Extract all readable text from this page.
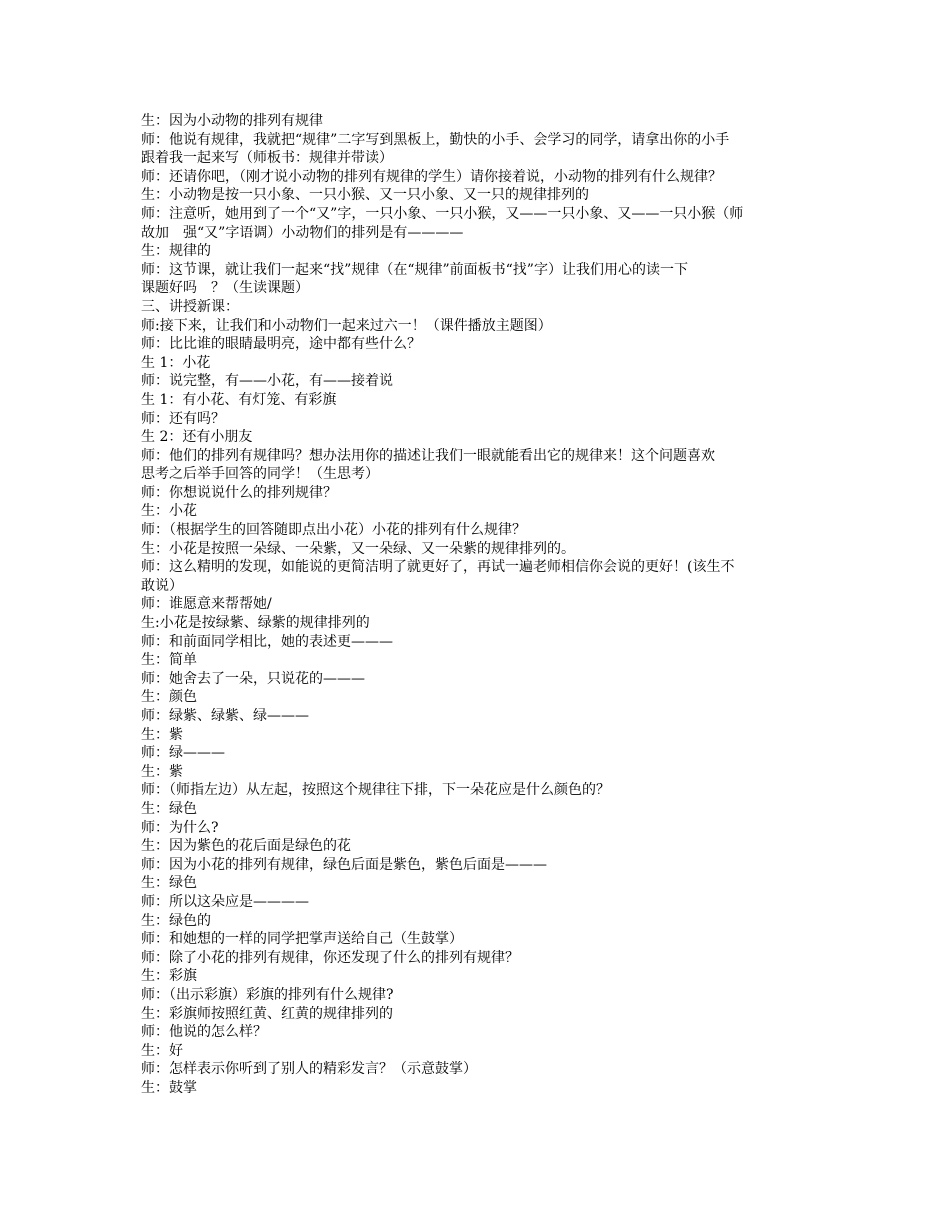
生：因为小动物的排列有规律
师：他说有规律，我就把“规律”二字写到黑板上，勤快的小手、会学习的同学，请拿出你的小手
跟着我一起来写（师板书：规律并带读）
师：还请你吧，（刚才说小动物的排列有规律的学生）请你接着说，小动物的排列有什么规律？
生：小动物是按一只小象、一只小猴、又一只小象、又一只的规律排列的
师：注意听，她用到了一个“又”字，一只小象、一只小猴，又——一只小象、又——一只小猴（师
故加　强“又”字语调）小动物们的排列是有————
生：规律的
师：这节课，就让我们一起来“找”规律（在“规律”前面板书“找”字）让我们用心的读一下
课题好吗　？（生读课题）
三、讲授新课：
师:接下来，让我们和小动物们一起来过六一！（课件播放主题图）
师：比比谁的眼睛最明亮，途中都有些什么？
生 1：小花
师：说完整，有——小花，有——接着说
生 1：有小花、有灯笼、有彩旗
师：还有吗？
生 2：还有小朋友
师：他们的排列有规律吗？想办法用你的描述让我们一眼就能看出它的规律来！这个问题喜欢
思考之后举手回答的同学！（生思考）
师：你想说说什么的排列规律？
生：小花
师：（根据学生的回答随即点出小花）小花的排列有什么规律？
生：小花是按照一朵绿、一朵紫，又一朵绿、又一朵紫的规律排列的。
师：这么精明的发现，如能说的更简洁明了就更好了，再试一遍老师相信你会说的更好！(该生不
敢说）
师：谁愿意来帮帮她/
生:小花是按绿紫、绿紫的规律排列的
师：和前面同学相比，她的表述更———
生：简单
师：她舍去了一朵，只说花的———
生：颜色
师：绿紫、绿紫、绿———
生：紫
师：绿———
生：紫
师：（师指左边）从左起，按照这个规律往下排，下一朵花应是什么颜色的？
生：绿色
师：为什么?
生：因为紫色的花后面是绿色的花
师：因为小花的排列有规律，绿色后面是紫色，紫色后面是———
生：绿色
师：所以这朵应是————
生：绿色的
师：和她想的一样的同学把掌声送给自己（生鼓掌）
师：除了小花的排列有规律，你还发现了什么的排列有规律？
生：彩旗
师：（出示彩旗）彩旗的排列有什么规律?
生：彩旗师按照红黄、红黄的规律排列的
师：他说的怎么样？
生：好
师：怎样表示你听到了别人的精彩发言？（示意鼓掌）
生：鼓掌
